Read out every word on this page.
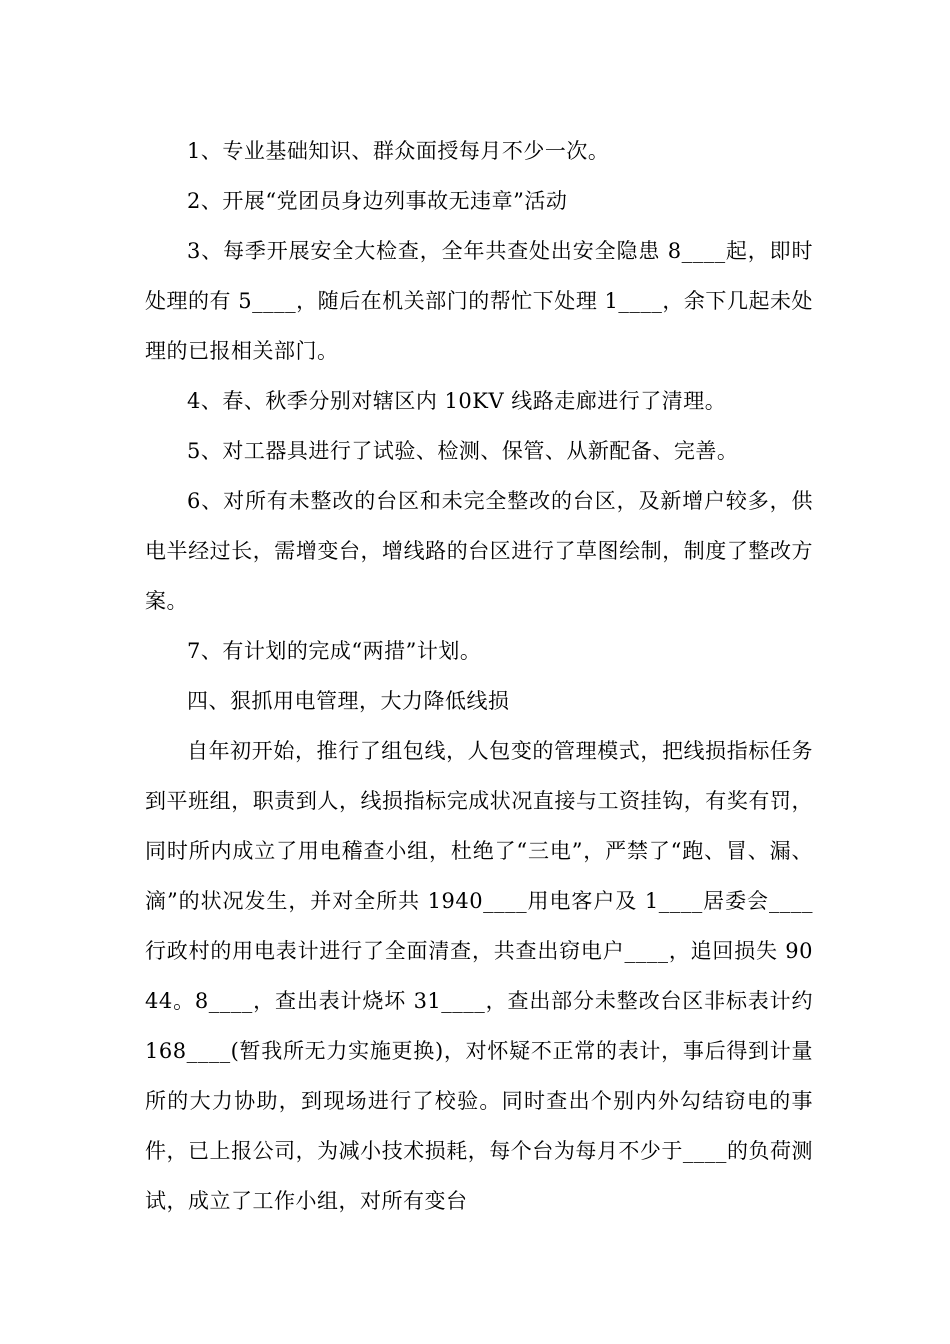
1、专业基础知识、群众面授每月不少一次。

2、开展“党团员身边列事故无违章”活动

3、每季开展安全大检查，全年共查处出安全隐患 8____起，即时处理的有 5____，随后在机关部门的帮忙下处理 1____，余下几起未处理的已报相关部门。

4、春、秋季分别对辖区内 10KV 线路走廊进行了清理。

5、对工器具进行了试验、检测、保管、从新配备、完善。

6、对所有未整改的台区和未完全整改的台区，及新增户较多，供电半经过长，需增变台，增线路的台区进行了草图绘制，制度了整改方案。

7、有计划的完成“两措”计划。

四、狠抓用电管理，大力降低线损

自年初开始，推行了组包线，人包变的管理模式，把线损指标任务到平班组，职责到人，线损指标完成状况直接与工资挂钩，有奖有罚，同时所内成立了用电稽查小组，杜绝了“三电”，严禁了“跑、冒、漏、滴”的状况发生，并对全所共 1940____用电客户及 1____居委会____行政村的用电表计进行了全面清查，共查出窃电户____，追回损失 9044。8____，查出表计烧坏 31____，查出部分未整改台区非标表计约 168____(暂我所无力实施更换)，对怀疑不正常的表计，事后得到计量所的大力协助，到现场进行了校验。同时查出个别内外勾结窃电的事件，已上报公司，为减小技术损耗，每个台为每月不少于____的负荷测试，成立了工作小组，对所有变台
